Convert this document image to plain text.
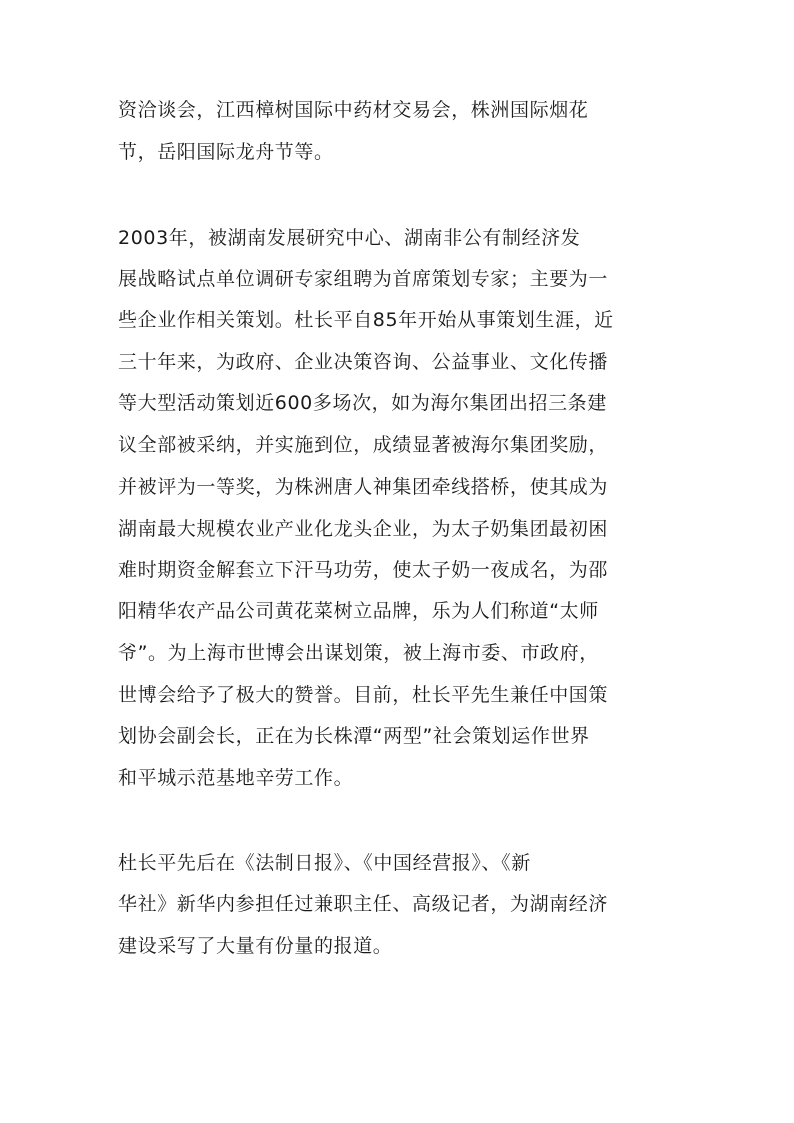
资洽谈会，江西樟树国际中药材交易会，株洲国际烟花
节，岳阳国际龙舟节等。
2003年，被湖南发展研究中心、湖南非公有制经济发
展战略试点单位调研专家组聘为首席策划专家；主要为一
些企业作相关策划。杜长平自85年开始从事策划生涯，近
三十年来，为政府、企业决策咨询、公益事业、文化传播
等大型活动策划近600多场次，如为海尔集团出招三条建
议全部被采纳，并实施到位，成绩显著被海尔集团奖励，
并被评为一等奖，为株洲唐人神集团牵线搭桥，使其成为
湖南最大规模农业产业化龙头企业，为太子奶集团最初困
难时期资金解套立下汗马功劳，使太子奶一夜成名，为邵
阳精华农产品公司黄花菜树立品牌，乐为人们称道“太师
爷”。为上海市世博会出谋划策，被上海市委、市政府，
世博会给予了极大的赞誉。目前，杜长平先生兼任中国策
划协会副会长，正在为长株潭“两型”社会策划运作世界
和平城示范基地辛劳工作。
杜长平先后在《法制日报》、《中国经营报》、《新
华社》新华内参担任过兼职主任、高级记者，为湖南经济
建设采写了大量有份量的报道。
